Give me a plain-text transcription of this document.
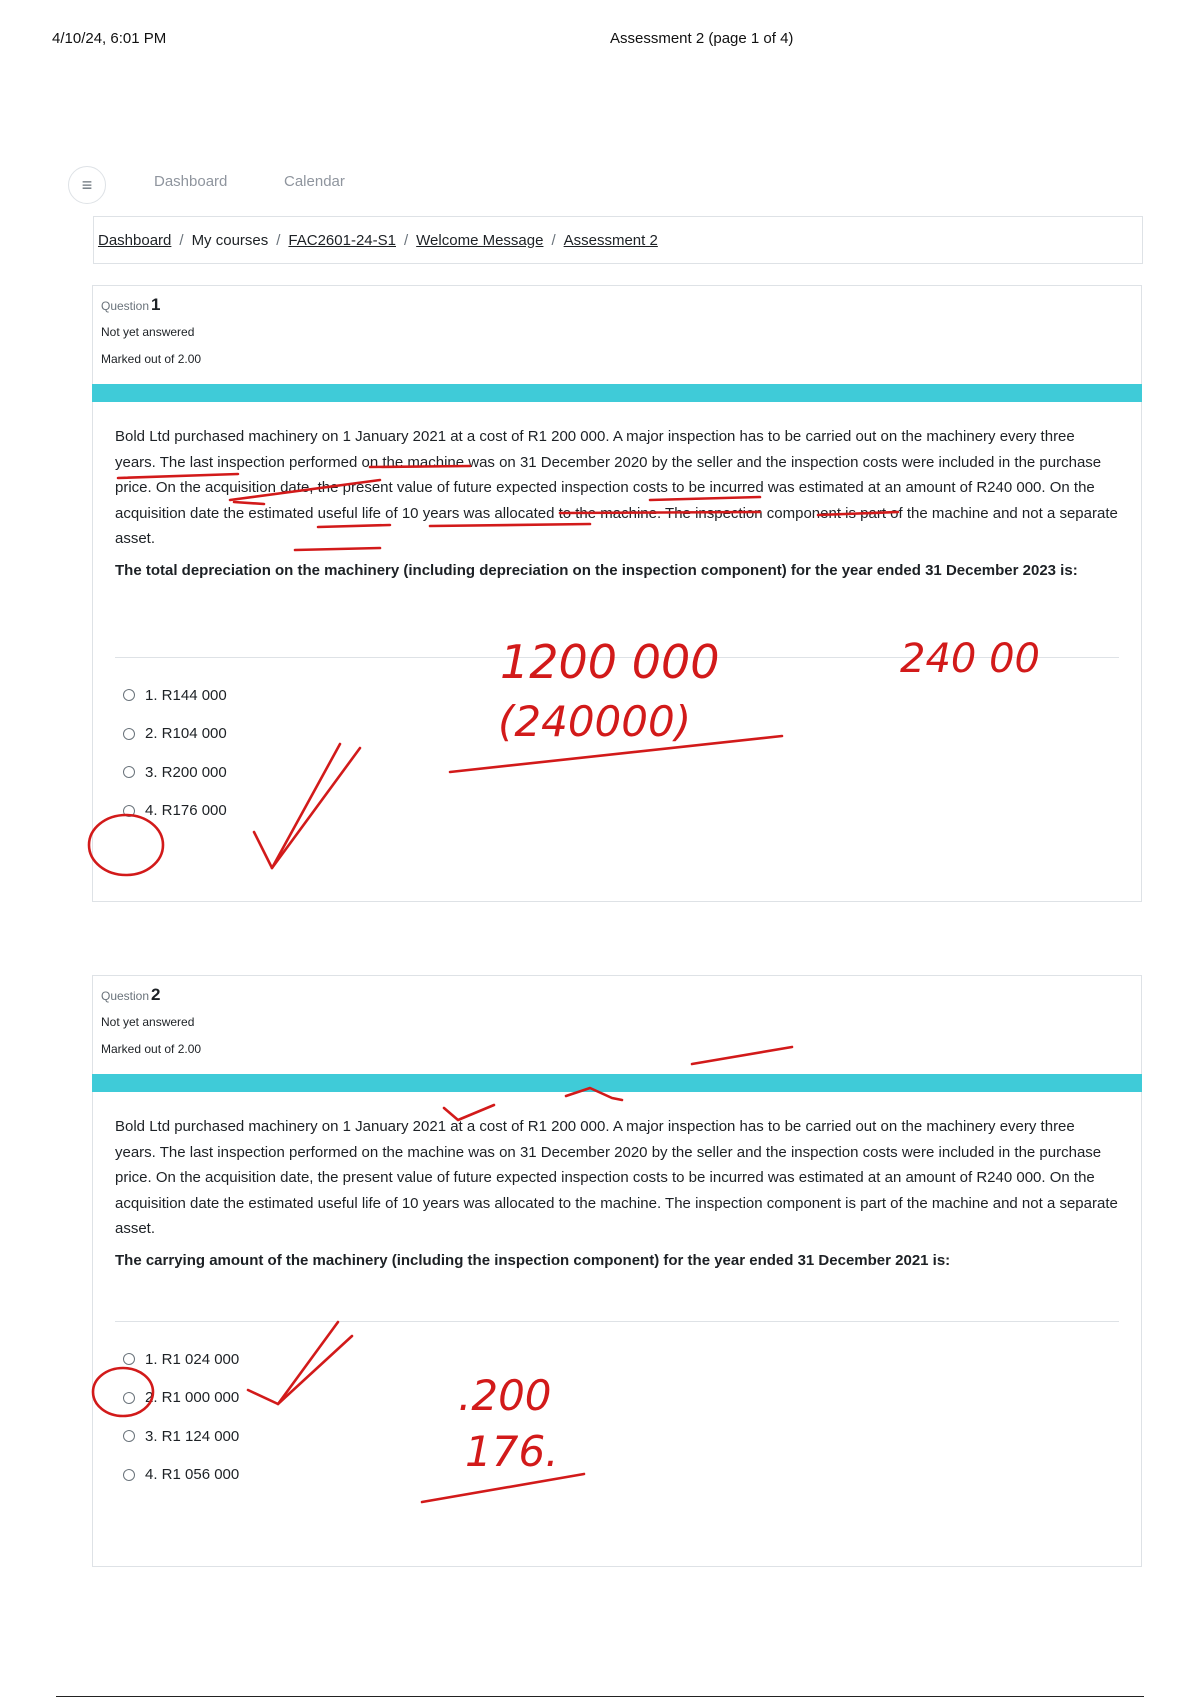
4/10/24, 6:01 PM	Assessment 2 (page 1 of 4)
≡	Dashboard	Calendar
Dashboard / My courses / FAC2601-24-S1 / Welcome Message / Assessment 2
Question 1
Not yet answered
Marked out of 2.00

Bold Ltd purchased machinery on 1 January 2021 at a cost of R1 200 000. A major inspection has to be carried out on the machinery every three years. The last inspection performed on the machine was on 31 December 2020 by the seller and the inspection costs were included in the purchase price. On the acquisition date, the present value of future expected inspection costs to be incurred was estimated at an amount of R240 000. On the acquisition date the estimated useful life of 10 years was allocated to the machine. The inspection component is part of the machine and not a separate asset.

The total depreciation on the machinery (including depreciation on the inspection component) for the year ended 31 December 2023 is:

1. R144 000
2. R104 000
3. R200 000
4. R176 000
Question 2
Not yet answered
Marked out of 2.00

Bold Ltd purchased machinery on 1 January 2021 at a cost of R1 200 000. A major inspection has to be carried out on the machinery every three years. The last inspection performed on the machine was on 31 December 2020 by the seller and the inspection costs were included in the purchase price. On the acquisition date, the present value of future expected inspection costs to be incurred was estimated at an amount of R240 000. On the acquisition date the estimated useful life of 10 years was allocated to the machine. The inspection component is part of the machine and not a separate asset.

The carrying amount of the machinery (including the inspection component) for the year ended 31 December 2021 is:

1. R1 024 000
2. R1 000 000
3. R1 124 000
4. R1 056 000
1200 000	240 00
(240000)
.200
176.
